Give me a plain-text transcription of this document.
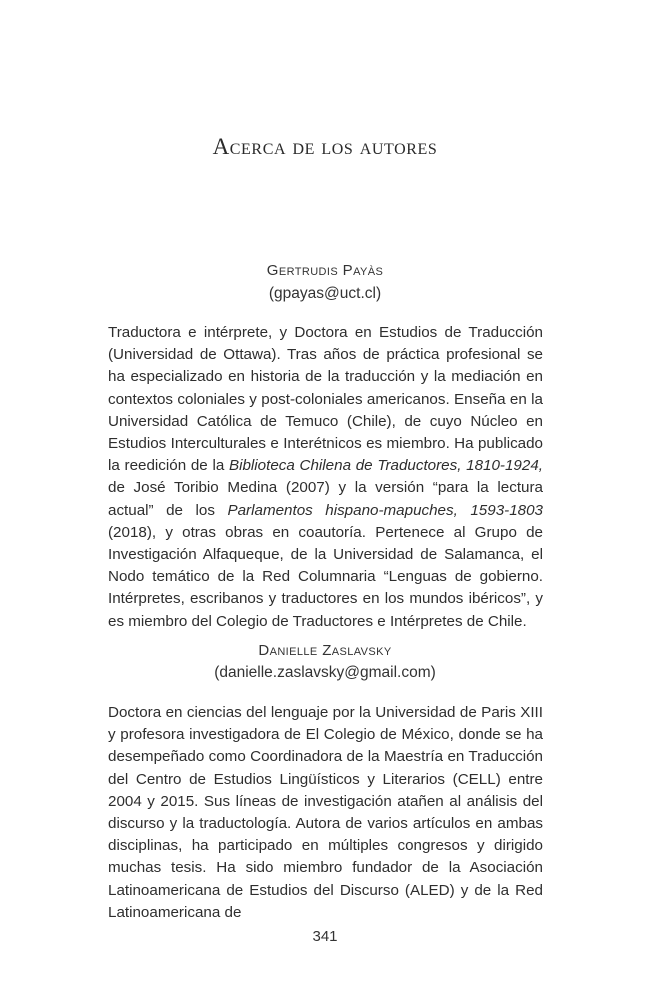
Acerca de los autores
Gertrudis Payàs
(gpayas@uct.cl)
Traductora e intérprete, y Doctora en Estudios de Traducción (Universidad de Ottawa). Tras años de práctica profesional se ha especializado en historia de la traducción y la mediación en contextos coloniales y post-coloniales americanos. Enseña en la Universidad Católica de Temuco (Chile), de cuyo Núcleo en Estudios Interculturales e Interétnicos es miembro. Ha publicado la reedición de la Biblioteca Chilena de Traductores, 1810-1924, de José Toribio Medina (2007) y la versión “para la lectura actual” de los Parlamentos hispano-mapuches, 1593-1803 (2018), y otras obras en coautoría. Pertenece al Grupo de Investigación Alfaqueque, de la Universidad de Salamanca, el Nodo temático de la Red Columnaria “Lenguas de gobierno. Intérpretes, escribanos y traductores en los mundos ibéricos”, y es miembro del Colegio de Traductores e Intérpretes de Chile.
Danielle Zaslavsky
(danielle.zaslavsky@gmail.com)
Doctora en ciencias del lenguaje por la Universidad de Paris XIII y profesora investigadora de El Colegio de México, donde se ha desempeñado como Coordinadora de la Maestría en Traducción del Centro de Estudios Lingüísticos y Literarios (CELL) entre 2004 y 2015. Sus líneas de investigación atañen al análisis del discurso y la traductología. Autora de varios artículos en ambas disciplinas, ha participado en múltiples congresos y dirigido muchas tesis. Ha sido miembro fundador de la Asociación Latinoamericana de Estudios del Discurso (ALED) y de la Red Latinoamericana de
341
